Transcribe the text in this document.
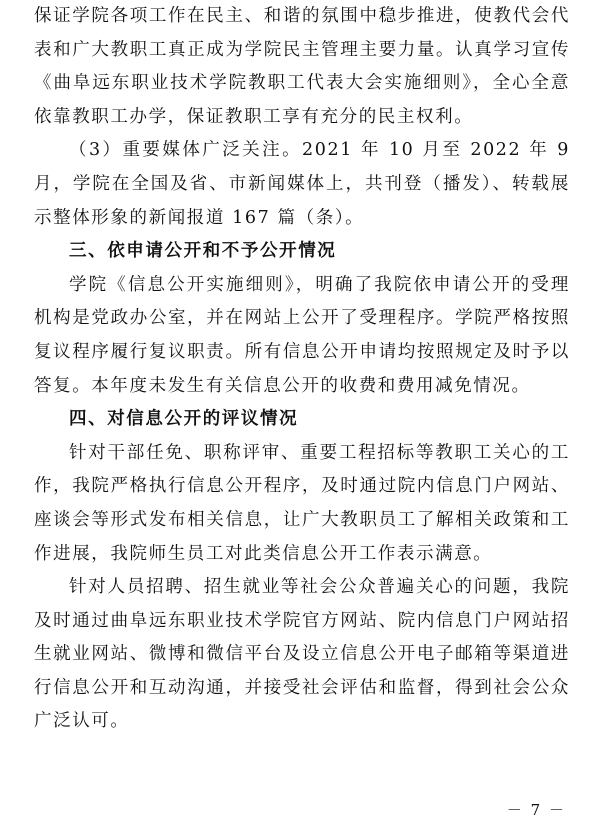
保证学院各项工作在民主、和谐的氛围中稳步推进，使教代会代表和广大教职工真正成为学院民主管理主要力量。认真学习宣传《曲阜远东职业技术学院教职工代表大会实施细则》，全心全意依靠教职工办学，保证教职工享有充分的民主权利。

（3）重要媒体广泛关注。2021 年 10 月至 2022 年 9 月，学院在全国及省、市新闻媒体上，共刊登（播发）、转载展示整体形象的新闻报道 167 篇（条）。

三、依申请公开和不予公开情况

学院《信息公开实施细则》，明确了我院依申请公开的受理机构是党政办公室，并在网站上公开了受理程序。学院严格按照复议程序履行复议职责。所有信息公开申请均按照规定及时予以答复。本年度未发生有关信息公开的收费和费用减免情况。

四、对信息公开的评议情况

针对干部任免、职称评审、重要工程招标等教职工关心的工作，我院严格执行信息公开程序，及时通过院内信息门户网站、座谈会等形式发布相关信息，让广大教职员工了解相关政策和工作进展，我院师生员工对此类信息公开工作表示满意。

针对人员招聘、招生就业等社会公众普遍关心的问题，我院及时通过曲阜远东职业技术学院官方网站、院内信息门户网站招生就业网站、微博和微信平台及设立信息公开电子邮箱等渠道进行信息公开和互动沟通，并接受社会评估和监督，得到社会公众广泛认可。

－ 7 －
